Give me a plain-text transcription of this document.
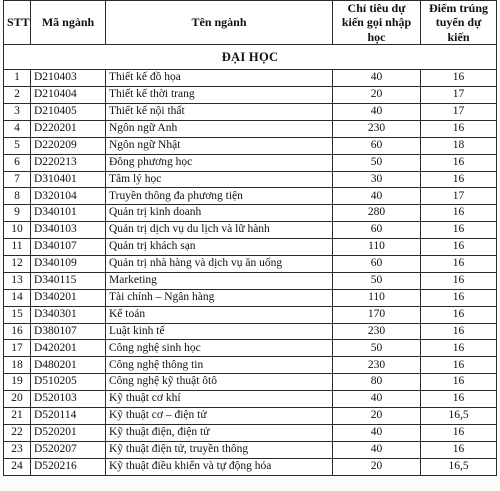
STT	Mã ngành	Tên ngành	Chỉ tiêu dự kiến gọi nhập học	Điểm trúng tuyển dự kiến
ĐẠI HỌC				
1	D210403	Thiết kế đồ họa	40	16
2	D210404	Thiết kế thời trang	20	17
3	D210405	Thiết kế nội thất	40	17
4	D220201	Ngôn ngữ Anh	230	16
5	D220209	Ngôn ngữ Nhật	60	18
6	D220213	Đông phương học	50	16
7	D310401	Tâm lý học	30	16
8	D320104	Truyền thông đa phương tiện	40	17
9	D340101	Quản trị kinh doanh	280	16
10	D340103	Quản trị dịch vụ du lịch và lữ hành	60	16
11	D340107	Quản trị khách sạn	110	16
12	D340109	Quản trị nhà hàng và dịch vụ ăn uống	60	16
13	D340115	Marketing	50	16
14	D340201	Tài chính – Ngân hàng	110	16
15	D340301	Kế toán	170	16
16	D380107	Luật kinh tế	230	16
17	D420201	Công nghệ sinh học	50	16
18	D480201	Công nghệ thông tin	230	16
19	D510205	Công nghệ kỹ thuật ôtô	80	16
20	D520103	Kỹ thuật cơ khí	40	16
21	D520114	Kỹ thuật cơ – điện tử	20	16,5
22	D520201	Kỹ thuật điện, điện tử	40	16
23	D520207	Kỹ thuật điện tử, truyền thông	40	16
24	D520216	Kỹ thuật điều khiển và tự động hóa	20	16,5
